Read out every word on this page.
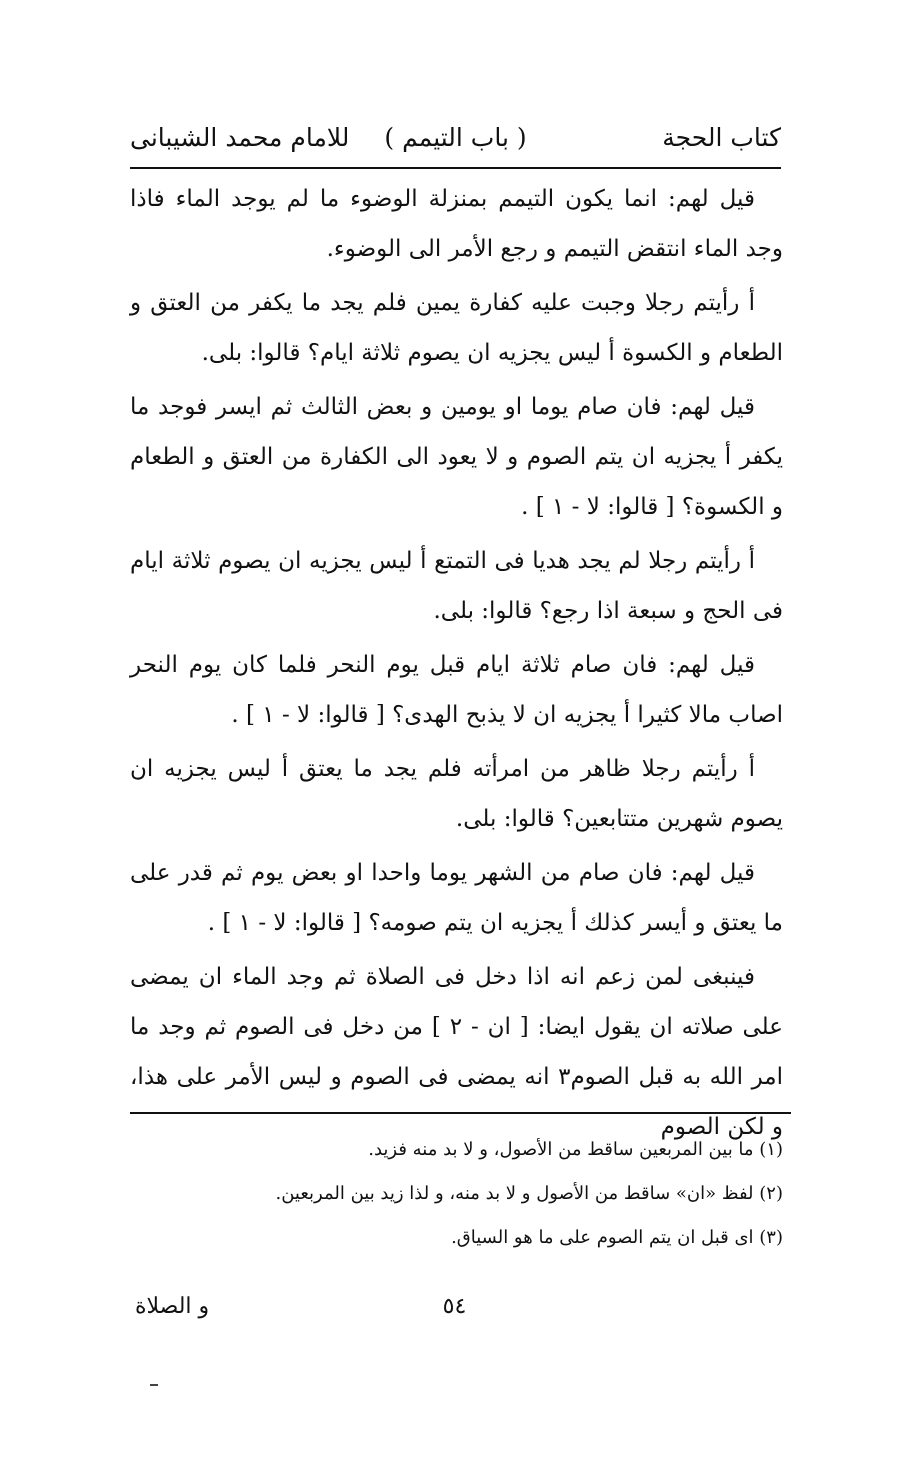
كتاب الحجة
( باب التيمم )
للامام محمد الشيبانى

قيل لهم: انما يكون التيمم بمنزلة الوضوء ما لم يوجد الماء فاذا وجد الماء انتقض التيمم و رجع الأمر الى الوضوء.

أ رأيتم رجلا وجبت عليه كفارة يمين فلم يجد ما يكفر من العتق و الطعام و الكسوة أ ليس يجزيه ان يصوم ثلاثة ايام؟ قالوا: بلى.

قيل لهم: فان صام يوما او يومين و بعض الثالث ثم ايسر فوجد ما يكفر أ يجزيه ان يتم الصوم و لا يعود الى الكفارة من العتق و الطعام و الكسوة؟ [ قالوا: لا - ١ ] .

أ رأيتم رجلا لم يجد هديا فى التمتع أ ليس يجزيه ان يصوم ثلاثة ايام فى الحج و سبعة اذا رجع؟ قالوا: بلى.

قيل لهم: فان صام ثلاثة ايام قبل يوم النحر فلما كان يوم النحر اصاب مالا كثيرا أ يجزيه ان لا يذبح الهدى؟ [ قالوا: لا - ١ ] .

أ رأيتم رجلا ظاهر من امرأته فلم يجد ما يعتق أ ليس يجزيه ان يصوم شهرين متتابعين؟ قالوا: بلى.

قيل لهم: فان صام من الشهر يوما واحدا او بعض يوم ثم قدر على ما يعتق و أيسر كذلك أ يجزيه ان يتم صومه؟ [ قالوا: لا - ١ ] .

فينبغى لمن زعم انه اذا دخل فى الصلاة ثم وجد الماء ان يمضى على صلاته ان يقول ايضا: [ ان - ٢ ] من دخل فى الصوم ثم وجد ما امر الله به قبل الصوم٣ انه يمضى فى الصوم و ليس الأمر على هذا، و لكن الصوم

(١) ما بين المربعين ساقط من الأصول، و لا بد منه فزيد.

(٢) لفظ «ان» ساقط من الأصول و لا بد منه، و لذا زيد بين المربعين.

(٣) اى قبل ان يتم الصوم على ما هو السياق.

٥٤
و الصلاة
